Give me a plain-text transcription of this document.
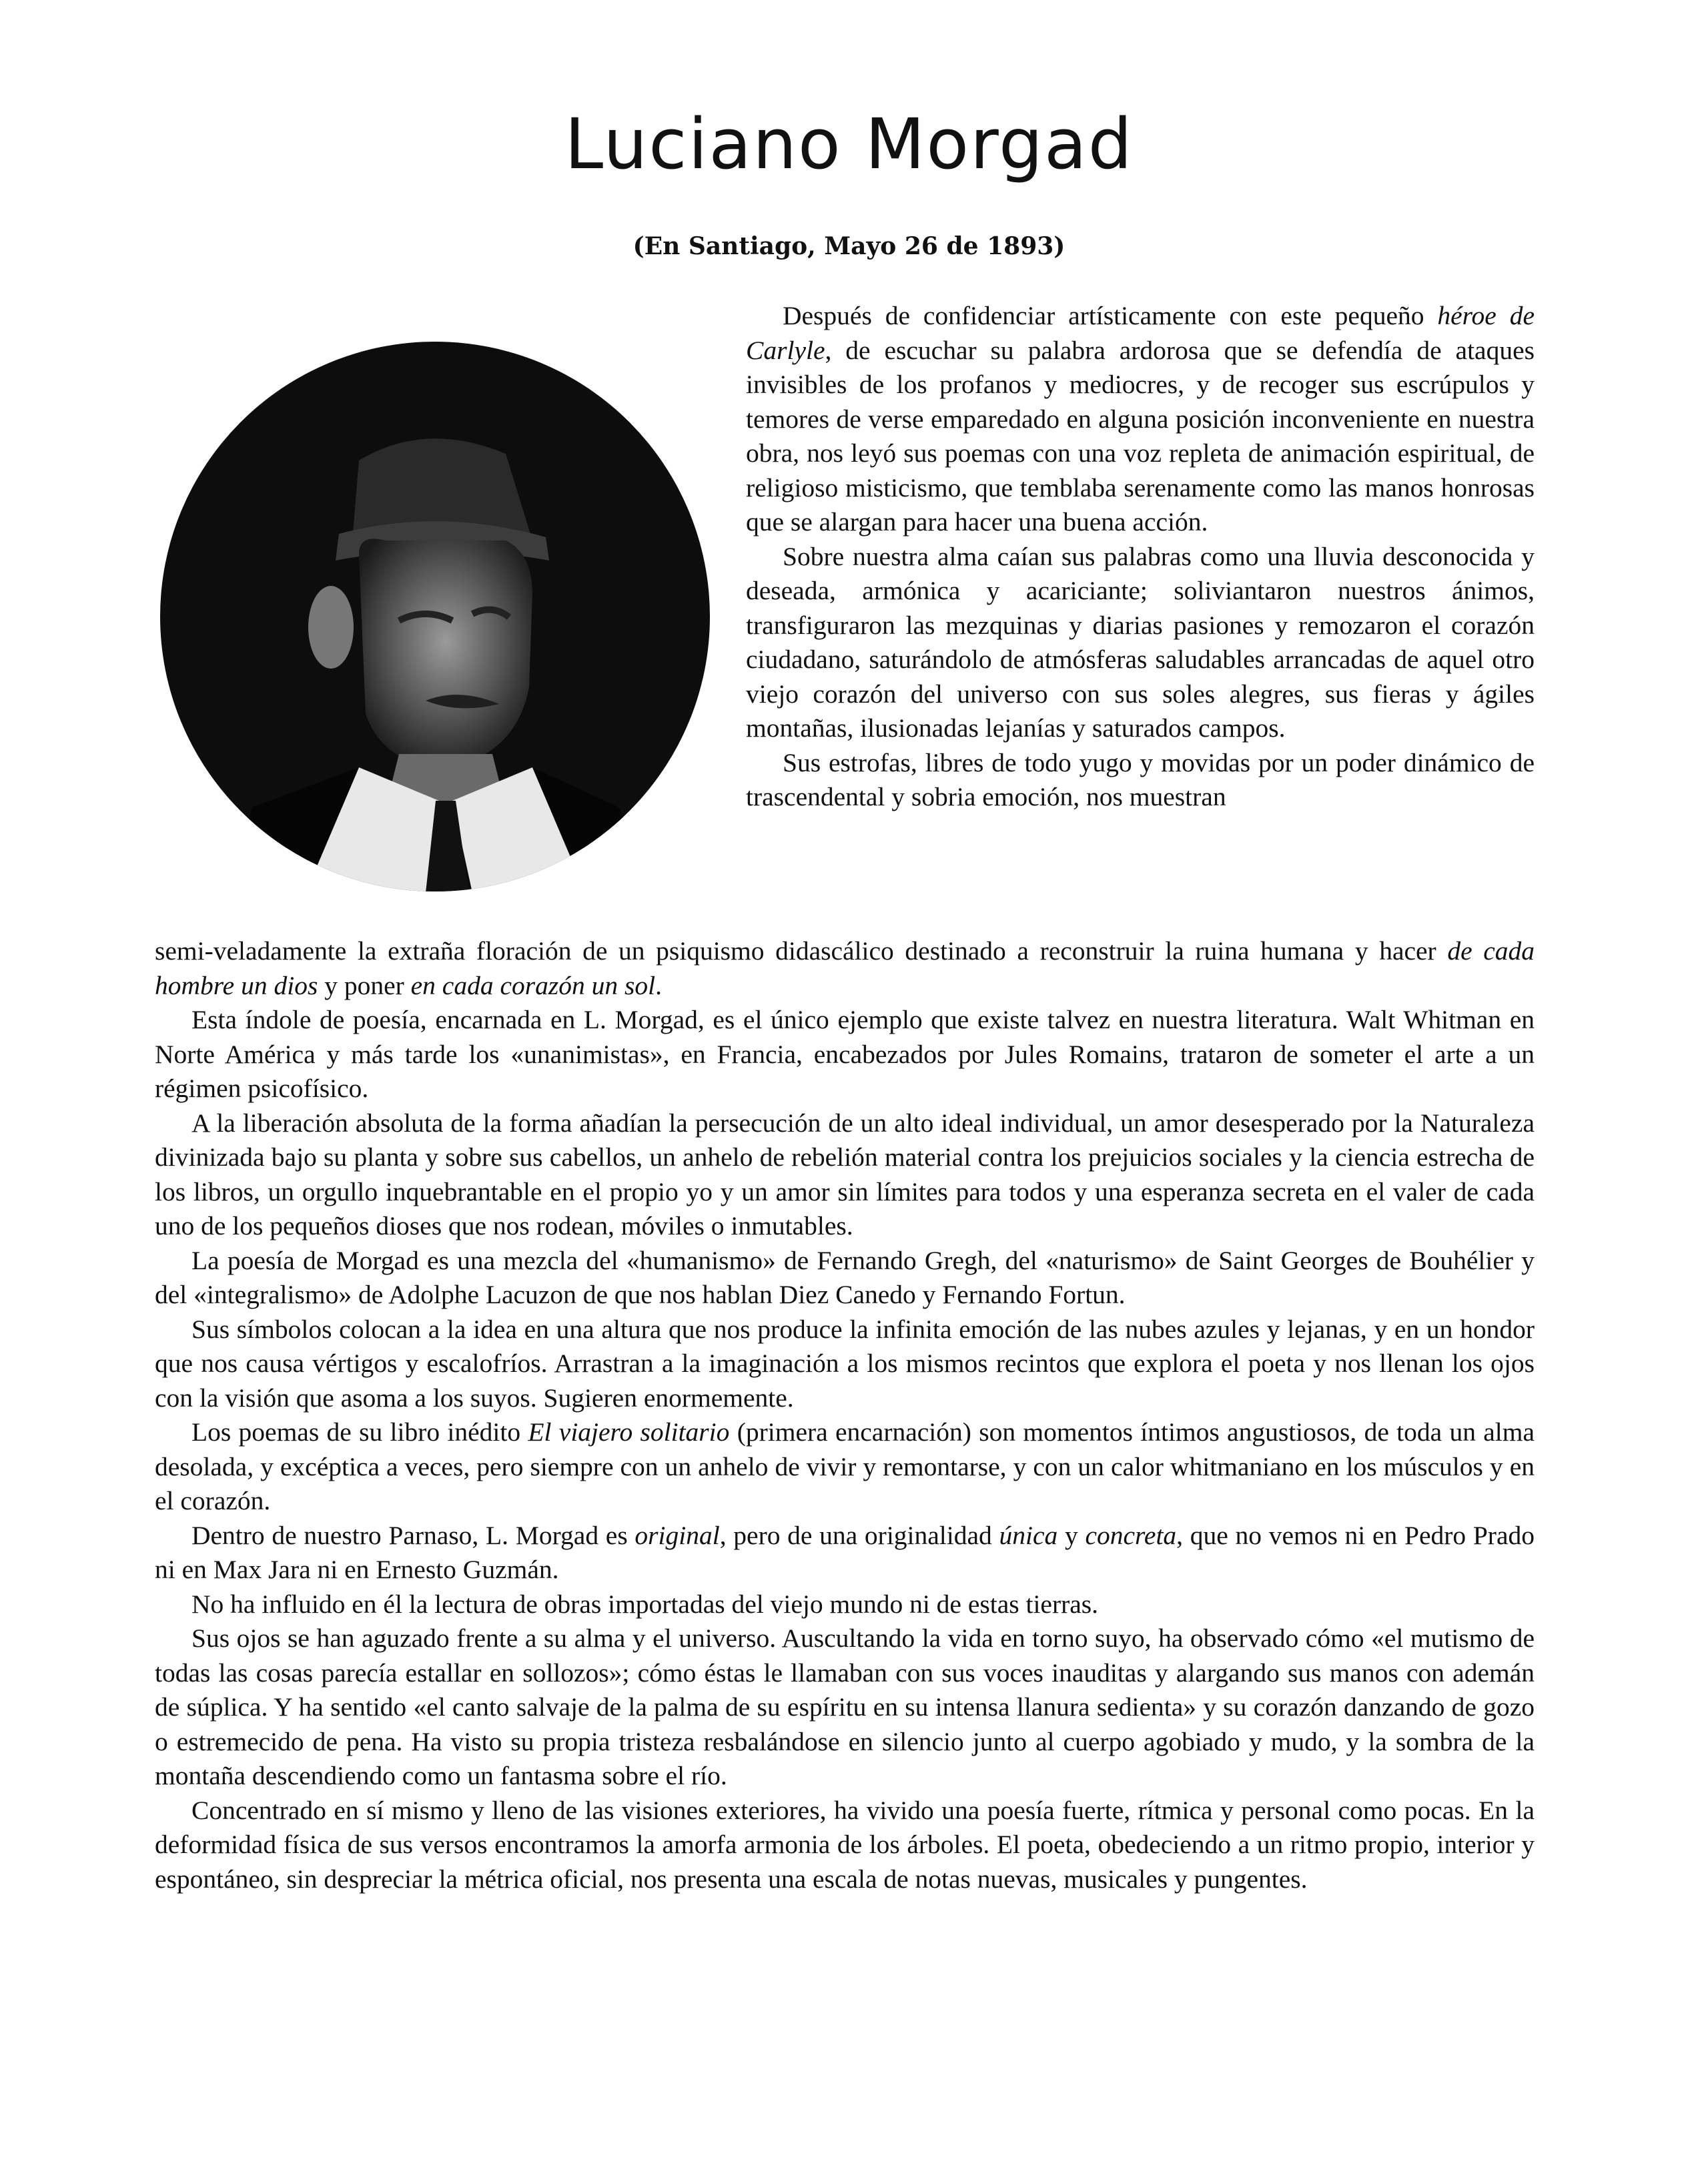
Luciano Morgad
(En Santiago, Mayo 26 de 1893)

Después de confidenciar artísticamente con este pequeño héroe de Carlyle, de escuchar su palabra ardorosa que se defendía de ataques invisibles de los profanos y mediocres, y de recoger sus escrúpulos y temores de verse emparedado en alguna posición inconveniente en nuestra obra, nos leyó sus poemas con una voz repleta de animación espiritual, de religioso misticismo, que temblaba serenamente como las manos honrosas que se alargan para hacer una buena acción.

Sobre nuestra alma caían sus palabras como una lluvia desconocida y deseada, armónica y acariciante; soliviantaron nuestros ánimos, transfiguraron las mezquinas y diarias pasiones y remozaron el corazón ciudadano, saturándolo de atmósferas saludables arrancadas de aquel otro viejo corazón del universo con sus soles alegres, sus fieras y ágiles montañas, ilusionadas lejanías y saturados campos.

Sus estrofas, libres de todo yugo y movidas por un poder dinámico de trascendental y sobria emoción, nos muestran

semi-veladamente la extraña floración de un psiquismo didascálico destinado a reconstruir la ruina humana y hacer de cada hombre un dios y poner en cada corazón un sol.

Esta índole de poesía, encarnada en L. Morgad, es el único ejemplo que existe talvez en nuestra literatura. Walt Whitman en Norte América y más tarde los «unanimistas», en Francia, encabezados por Jules Romains, trataron de someter el arte a un régimen psicofísico.

A la liberación absoluta de la forma añadían la persecución de un alto ideal individual, un amor desesperado por la Naturaleza divinizada bajo su planta y sobre sus cabellos, un anhelo de rebelión material contra los prejuicios sociales y la ciencia estrecha de los libros, un orgullo inquebrantable en el propio yo y un amor sin límites para todos y una esperanza secreta en el valer de cada uno de los pequeños dioses que nos rodean, móviles o inmutables.

La poesía de Morgad es una mezcla del «humanismo» de Fernando Gregh, del «naturismo» de Saint Georges de Bouhélier y del «integralismo» de Adolphe Lacuzon de que nos hablan Diez Canedo y Fernando Fortun.

Sus símbolos colocan a la idea en una altura que nos produce la infinita emoción de las nubes azules y lejanas, y en un hondor que nos causa vértigos y escalofríos. Arrastran a la imaginación a los mismos recintos que explora el poeta y nos llenan los ojos con la visión que asoma a los suyos. Sugieren enormemente.

Los poemas de su libro inédito El viajero solitario (primera encarnación) son momentos íntimos angustiosos, de toda un alma desolada, y excéptica a veces, pero siempre con un anhelo de vivir y remontarse, y con un calor whitmaniano en los músculos y en el corazón.

Dentro de nuestro Parnaso, L. Morgad es original, pero de una originalidad única y concreta, que no vemos ni en Pedro Prado ni en Max Jara ni en Ernesto Guzmán.

No ha influido en él la lectura de obras importadas del viejo mundo ni de estas tierras.

Sus ojos se han aguzado frente a su alma y el universo. Auscultando la vida en torno suyo, ha observado cómo «el mutismo de todas las cosas parecía estallar en sollozos»; cómo éstas le llamaban con sus voces inauditas y alargando sus manos con ademán de súplica. Y ha sentido «el canto salvaje de la palma de su espíritu en su intensa llanura sedienta» y su corazón danzando de gozo o estremecido de pena. Ha visto su propia tristeza resbalándose en silencio junto al cuerpo agobiado y mudo, y la sombra de la montaña descendiendo como un fantasma sobre el río.

Concentrado en sí mismo y lleno de las visiones exteriores, ha vivido una poesía fuerte, rítmica y personal como pocas. En la deformidad física de sus versos encontramos la amorfa armonia de los árboles. El poeta, obedeciendo a un ritmo propio, interior y espontáneo, sin despreciar la métrica oficial, nos presenta una escala de notas nuevas, musicales y pungentes.
